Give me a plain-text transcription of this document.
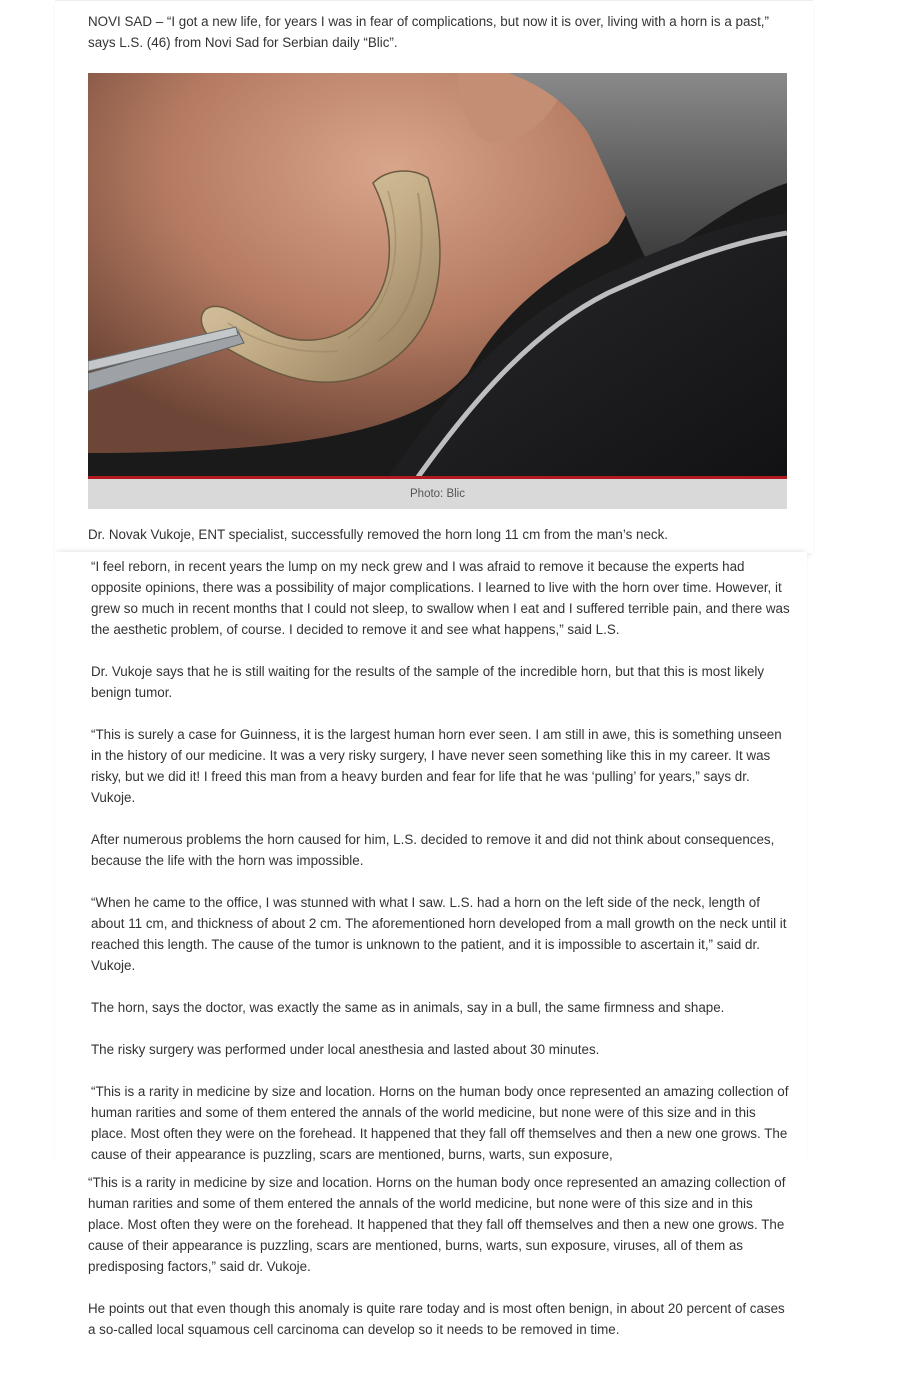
NOVI SAD – “I got a new life, for years I was in fear of complications, but now it is over, living with a horn is a past,” says L.S. (46) from Novi Sad for Serbian daily “Blic”.

Photo: Blic

Dr. Novak Vukoje, ENT specialist, successfully removed the horn long 11 cm from the man’s neck.

“I feel reborn, in recent years the lump on my neck grew and I was afraid to remove it because the experts had opposite opinions, there was a possibility of major complications. I learned to live with the horn over time. However, it grew so much in recent months that I could not sleep, to swallow when I eat and I suffered terrible pain, and there was the aesthetic problem, of course. I decided to remove it and see what happens,” said L.S.

Dr. Vukoje says that he is still waiting for the results of the sample of the incredible horn, but that this is most likely benign tumor.

“This is surely a case for Guinness, it is the largest human horn ever seen. I am still in awe, this is something unseen in the history of our medicine. It was a very risky surgery, I have never seen something like this in my career. It was risky, but we did it! I freed this man from a heavy burden and fear for life that he was ‘pulling’ for years,” says dr. Vukoje.

After numerous problems the horn caused for him, L.S. decided to remove it and did not think about consequences, because the life with the horn was impossible.

“When he came to the office, I was stunned with what I saw. L.S. had a horn on the left side of the neck, length of about 11 cm, and thickness of about 2 cm. The aforementioned horn developed from a mall growth on the neck until it reached this length. The cause of the tumor is unknown to the patient, and it is impossible to ascertain it,” said dr. Vukoje.

The horn, says the doctor, was exactly the same as in animals, say in a bull, the same firmness and shape.

The risky surgery was performed under local anesthesia and lasted about 30 minutes.

“This is a rarity in medicine by size and location. Horns on the human body once represented an amazing collection of human rarities and some of them entered the annals of the world medicine, but none were of this size and in this place. Most often they were on the forehead. It happened that they fall off themselves and then a new one grows. The cause of their appearance is puzzling, scars are mentioned, burns, warts, sun exposure,

“This is a rarity in medicine by size and location. Horns on the human body once represented an amazing collection of human rarities and some of them entered the annals of the world medicine, but none were of this size and in this place. Most often they were on the forehead. It happened that they fall off themselves and then a new one grows. The cause of their appearance is puzzling, scars are mentioned, burns, warts, sun exposure, viruses, all of them as predisposing factors,” said dr. Vukoje.

He points out that even though this anomaly is quite rare today and is most often benign, in about 20 percent of cases a so-called local squamous cell carcinoma can develop so it needs to be removed in time.
